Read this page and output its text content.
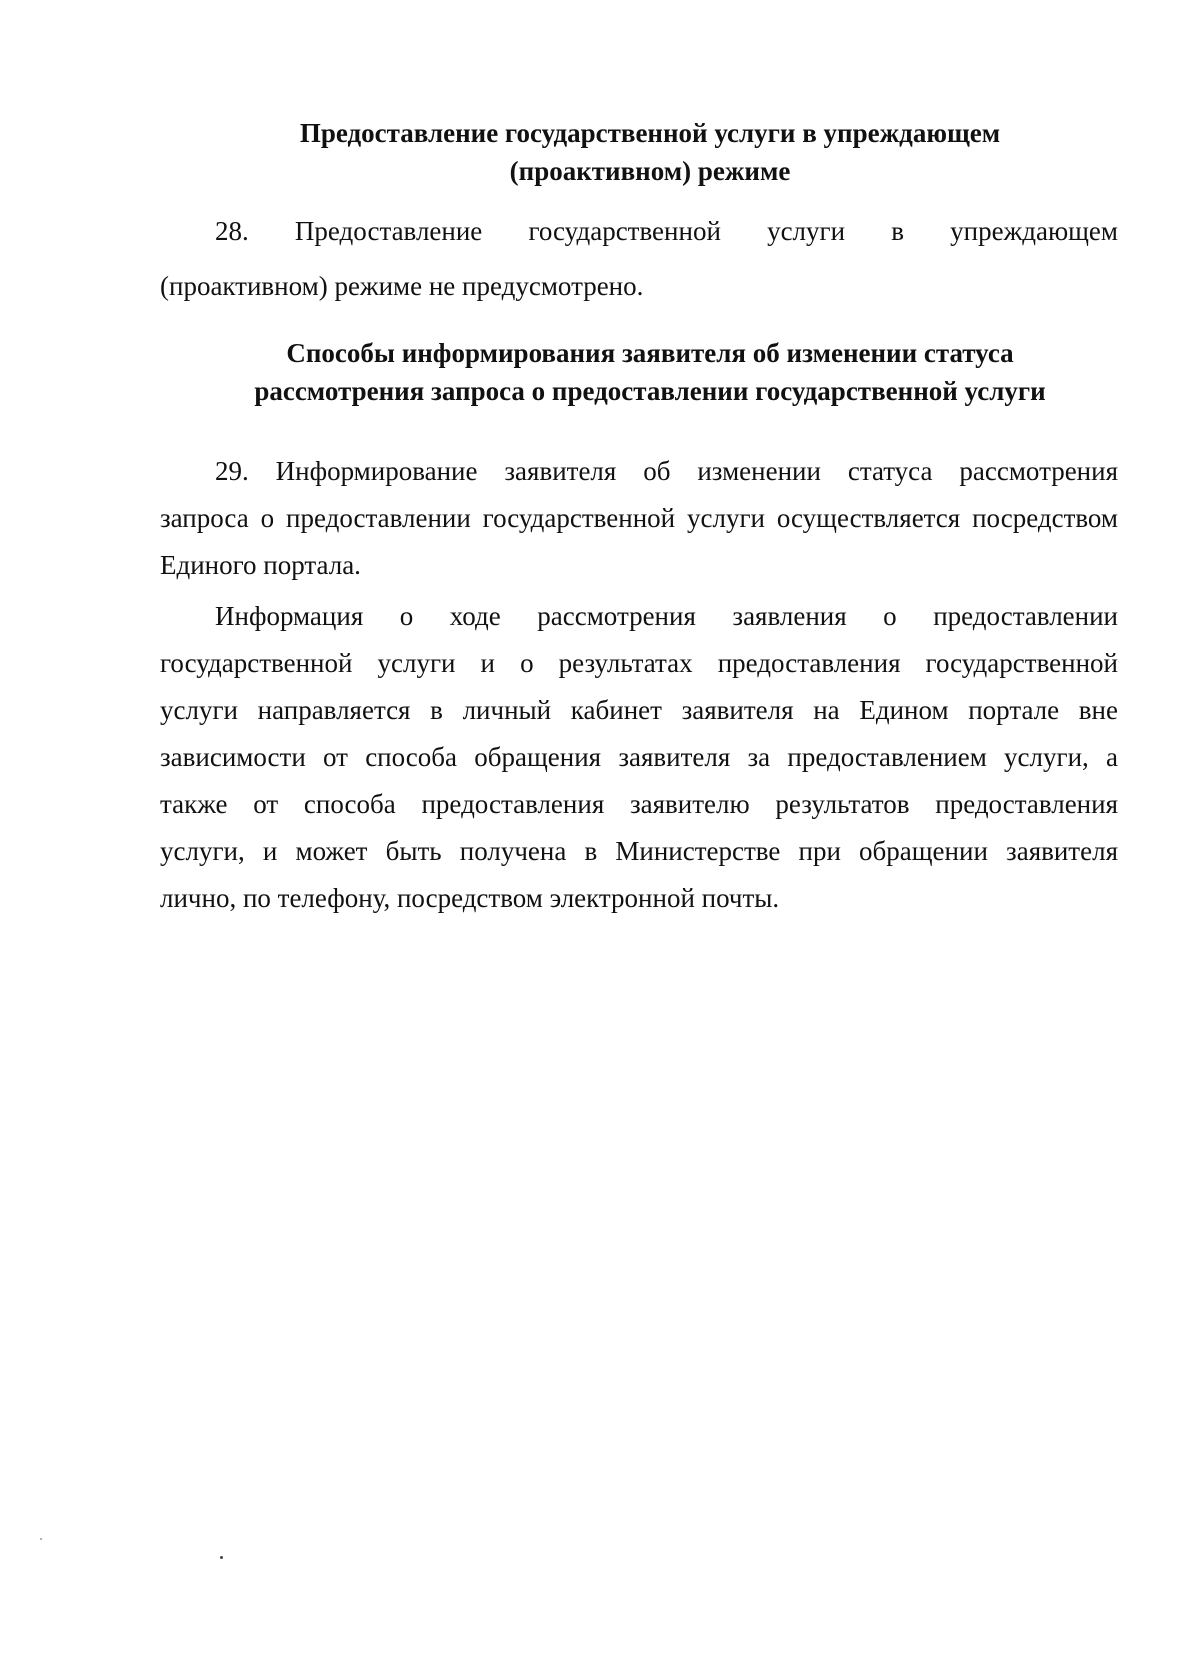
Предоставление государственной услуги в упреждающем
(проактивном) режиме

28. Предоставление государственной услуги в упреждающем
(проактивном) режиме не предусмотрено.

Способы информирования заявителя об изменении статуса
рассмотрения запроса о предоставлении государственной услуги

29. Информирование заявителя об изменении статуса рассмотрения
запроса о предоставлении государственной услуги осуществляется посредством
Единого портала.

Информация о ходе рассмотрения заявления о предоставлении
государственной услуги и о результатах предоставления государственной
услуги направляется в личный кабинет заявителя на Едином портале вне
зависимости от способа обращения заявителя за предоставлением услуги, а
также от способа предоставления заявителю результатов предоставления
услуги, и может быть получена в Министерстве при обращении заявителя
лично, по телефону, посредством электронной почты.
